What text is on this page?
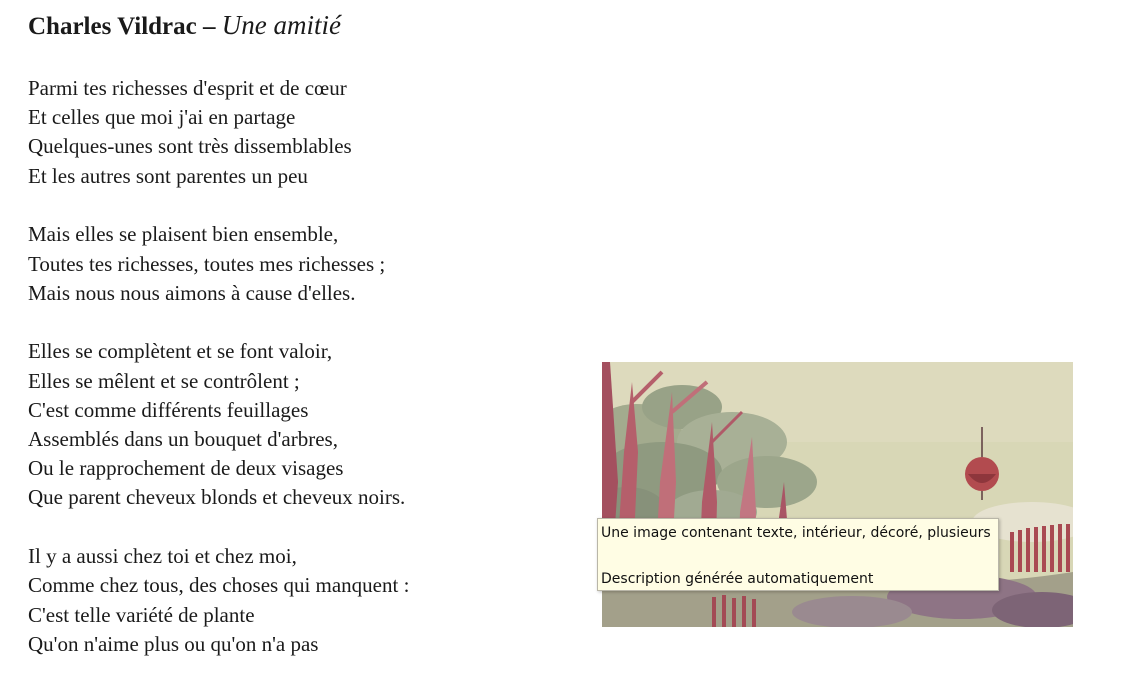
Charles Vildrac – Une amitié
Parmi tes richesses d'esprit et de cœur
Et celles que moi j'ai en partage
Quelques-unes sont très dissemblables
Et les autres sont parentes un peu
Mais elles se plaisent bien ensemble,
Toutes tes richesses, toutes mes richesses ;
Mais nous nous aimons à cause d'elles.
Elles se complètent et se font valoir,
Elles se mêlent et se contrôlent ;
C'est comme différents feuillages
Assemblés dans un bouquet d'arbres,
Ou le rapprochement de deux visages
Que parent cheveux blonds et cheveux noirs.
Il y a aussi chez toi et chez moi,
Comme chez tous, des choses qui manquent :
C'est telle variété de plante
Qu'on n'aime plus ou qu'on n'a pas
Une image contenant texte, intérieur, décoré, plusieurs
Description générée automatiquement
